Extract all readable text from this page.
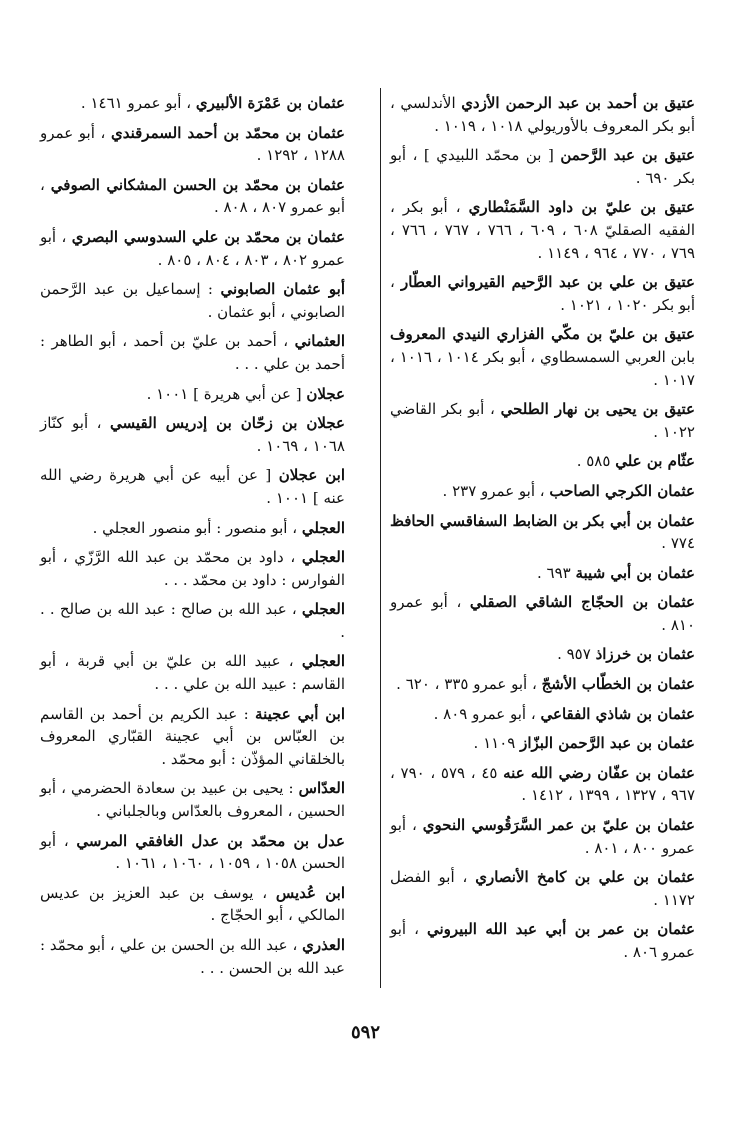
عتيق بن أحمد بن عبد الرحمن الأزدي الأندلسي ، أبو بكر المعروف بالأوريولي ١٠١٨ ، ١٠١٩ .
عتيق بن عبد الرَّحمن [ بن محمّد اللبيدي ] ، أبو بكر ٦٩٠ .
عتيق بن عليّ بن داود السَّمَنْطاري ، أبو بكر ، الفقيه الصقليّ ٦٠٨ ، ٦٠٩ ، ٧٦٦ ، ٧٦٧ ، ٧٦٦ ، ٧٦٩ ، ٧٧٠ ، ٩٦٤ ، ١١٤٩ .
عتيق بن علي بن عبد الرَّحيم القيرواني العطّار ، أبو بكر ١٠٢٠ ، ١٠٢١ .
عتيق بن عليّ بن مكّي الفزاري النيدي المعروف بابن العربي السمسطاوي ، أبو بكر ١٠١٤ ، ١٠١٦ ، ١٠١٧ .
عتيق بن يحيى بن نهار الطلحي ، أبو بكر القاضي ١٠٢٢ .
عثّام بن علي ٥٨٥ .
عثمان الكرجي الصاحب ، أبو عمرو ٢٣٧ .
عثمان بن أبي بكر بن الضابط السفاقسي الحافظ ٧٧٤ .
عثمان بن أبي شيبة ٦٩٣ .
عثمان بن الحجّاج الشاقي الصقلي ، أبو عمرو ٨١٠ .
عثمان بن خرزاذ ٩٥٧ .
عثمان بن الخطّاب الأشجّ ، أبو عمرو ٣٣٥ ، ٦٢٠ .
عثمان بن شاذي الفقاعي ، أبو عمرو ٨٠٩ .
عثمان بن عبد الرَّحمن البزّاز ١١٠٩ .
عثمان بن عفّان رضي الله عنه ٤٥ ، ٥٧٩ ، ٧٩٠ ، ٩٦٧ ، ١٣٢٧ ، ١٣٩٩ ، ١٤١٢ .
عثمان بن عليّ بن عمر السَّرَقُوسي النحوي ، أبو عمرو ٨٠٠ ، ٨٠١ .
عثمان بن علي بن كامخ الأنصاري ، أبو الفضل ١١٧٢ .
عثمان بن عمر بن أبي عبد الله البيروني ، أبو عمرو ٨٠٦ .
عثمان بن عَمْرَة الألبيري ، أبو عمرو ١٤٦١ .
عثمان بن محمّد بن أحمد السمرقندي ، أبو عمرو ١٢٨٨ ، ١٢٩٢ .
عثمان بن محمّد بن الحسن المشكاني الصوفي ، أبو عمرو ٨٠٧ ، ٨٠٨ .
عثمان بن محمّد بن علي السدوسي البصري ، أبو عمرو ٨٠٢ ، ٨٠٣ ، ٨٠٤ ، ٨٠٥ .
أبو عثمان الصابوني : إسماعيل بن عبد الرَّحمن الصابوني ، أبو عثمان .
العثماني ، أحمد بن عليّ بن أحمد ، أبو الطاهر : أحمد بن علي . . .
عجلان [ عن أبي هريرة ] ١٠٠١ .
عجلان بن زحّان بن إدريس القيسي ، أبو كنّاز ١٠٦٨ ، ١٠٦٩ .
ابن عجلان [ عن أبيه عن أبي هريرة رضي الله عنه ] ١٠٠١ .
العجلي ، أبو منصور : أبو منصور العجلي .
العجلي ، داود بن محمّد بن عبد الله الرَّزّي ، أبو الفوارس : داود بن محمّد . . .
العجلي ، عبد الله بن صالح : عبد الله بن صالح . . .
العجلي ، عبيد الله بن عليّ بن أبي قربة ، أبو القاسم : عبيد الله بن علي . . .
ابن أبي عجينة : عبد الكريم بن أحمد بن القاسم بن العبّاس بن أبي عجينة القبّاري المعروف بالخلقاني المؤذّن : أبو محمّد .
العدّاس : يحيى بن عبيد بن سعادة الحضرمي ، أبو الحسين ، المعروف بالعدّاس وبالجلباني .
عدل بن محمّد بن عدل الغافقي المرسي ، أبو الحسن ١٠٥٨ ، ١٠٥٩ ، ١٠٦٠ ، ١٠٦١ .
ابن عُديس ، يوسف بن عبد العزيز بن عديس المالكي ، أبو الحجّاج .
العذري ، عبد الله بن الحسن بن علي ، أبو محمّد : عبد الله بن الحسن . . .
٥٩٢
